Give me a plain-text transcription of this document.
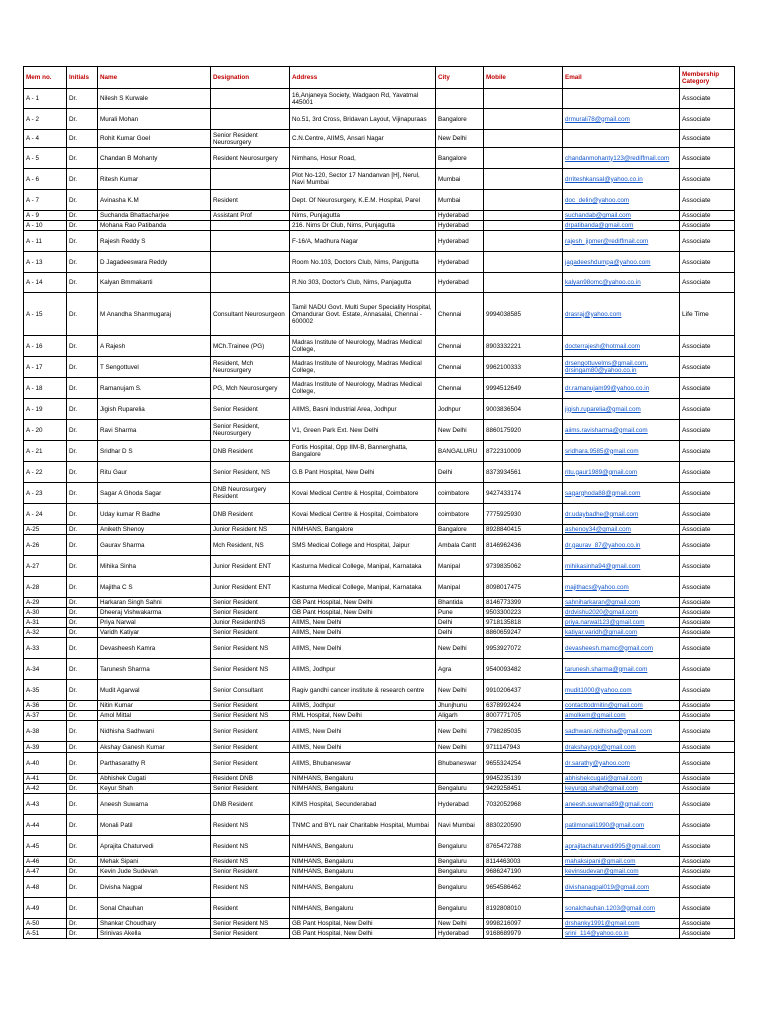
Mem no.	Initials	Name	Designation	Address	City	Mobile	Email	Membership Category
A - 1	Dr.	Nilesh S Kurwale		16,Anjaneya Society, Wadgaon Rd, Yavatmal 445001				Associate
A - 2	Dr.	Murali Mohan		No.51, 3rd Cross, Bridavan Layout, Vijinapuraas	Bangalore		drmurali78@gmail.com	Associate
A - 4	Dr.	Rohit Kumar Goel	Senior Resident Neurosurgery	C.N.Centre, AIIMS, Ansari Nagar	New Delhi			Associate
A - 5	Dr.	Chandan B Mohanty	Resident Neurosurgery	Nimhans, Hosur Road,	Bangalore		chandanmohanty123@rediffmail.com	Associate
A - 6	Dr.	Ritesh Kumar		Plot No-120, Sector 17 Nandanvan [H], Nerul, Navi Mumbai	Mumbai		drriteshkansal@yahoo.co.in	Associate
A - 7	Dr.	Avinasha K.M	Resident	Dept. Of Neurosurgery, K.E.M. Hospital, Parel	Mumbai		doc_delin@yahoo.com	Associate
A - 9	Dr.	Suchanda Bhattacharjee	Assistant Prof	Nims, Punjagutta	Hyderabad		suchandab@gmail.com	Associate
A - 10	Dr.	Mohana Rao Patibanda		216. Nims Dr Club, Nims, Punjagutta	Hyderabad		drpatibanda@gmail.com	Associate
A - 11	Dr.	Rajesh Reddy S		F-16/A, Madhura Nagar	Hyderabad		rajesh_jipmer@rediffmail.com	Associate
A - 13	Dr.	D Jagadeeswara Reddy		Room No.103, Doctors Club, Nims, Panjgutta	Hyderabad		jagadeeshdumpa@yahoo.com	Associate
A - 14	Dr.	Kalyan Bmmakanti		R.No 303, Doctor's Club, Nims, Panjagutta	Hyderabad		kalyan98omc@yahoo.co.in	Associate
A - 15	Dr.	M Anandha Shanmugaraj	Consultant Neurosurgeon	Tamil NADU Govt. Multi Super Speciality Hospital, Omandurar Govt. Estate, Annasalai, Chennai - 600002	Chennai	9994038585	drasraj@yahoo.com	Life Time
A - 16	Dr.	A Rajesh	MCh.Trainee (PG)	Madras Institute of Neurology, Madras Medical College,	Chennai	8903332221	docterrajesh@hotmail.com	Associate
A - 17	Dr.	T Sengottuvel	Resident, Mch Neurosurgery	Madras Institute of Neurology, Madras Medical College,	Chennai	9962100333	drsengottuvelms@gmail.com, drsingam80@yahoo.co.in	Associate
A - 18	Dr.	Ramanujam S.	PG, Mch Neurosurgery	Madras Institute of Neurology, Madras Medical College,	Chennai	9994512649	dr.ramanujam99@yahoo.co.in	Associate
A - 19	Dr.	Jigish Ruparelia	Senior Resident	AIIMS, Basni Industrial Area, Jodhpur	Jodhpur	9003836504	jigish.ruparelia@gmail.com	Associate
A - 20	Dr.	Ravi Sharma	Senior Resident, Neurosurgery	V1, Green Park Ext. New Delhi	New Delhi	8860175920	aiims.ravisharma@gmail.com	Associate
A - 21	Dr.	Sridhar D S	DNB Resident	Fortis Hospital, Opp IIM-B, Bannerghatta, Bangalore	BANGALURU	8722310009	sridhara.9585@gmail.com	Associate
A - 22	Dr.	Ritu Gaur	Senior Resident, NS	G.B Pant Hospital, New Delhi	Delhi	8373934561	ritu.gaur1989@gmail.com	Associate
A - 23	Dr.	Sagar A Ghoda Sagar	DNB Neurosurgery Resident	Kovai Medical Centre & Hospital, Coimbatore	coimbatore	9427433174	sagarghoda88@gmail.com	Associate
A - 24	Dr.	Uday kumar R Badhe	DNB Resident	Kovai Medical Centre & Hospital, Coimbatore	coimbatore	7775925930	dr.udaybadhe@gmail.com	Associate
A-25	Dr.	Aniketh Shenoy	Junior Resident NS	NIMHANS, Bangalore	Bangalore	8928840415	ashenoy34@gmail.com	Associate
A-26	Dr.	Gaurav Sharma	Mch Resident, NS	SMS Medical College and Hospital, Jaipur	Ambala Cantt	8146962436	dr.gaurav_87@yahoo.co.in	Associate
A-27	Dr.	Mihika Sinha	Junior Resident ENT	Kasturna Medical College, Manipal, Karnataka	Manipal	9739835062	mihikasinha94@gmail.com	Associate
A-28	Dr.	Majitha C S	Junior Resident ENT	Kasturna Medical College, Manipal, Karnataka	Manipal	8098017475	majithacs@yahoo.com	Associate
A-29	Dr.	Harkaran Singh Sahni	Senior Resident	GB Pant Hospital, New Delhi	Bhantida	8146773399	sahniharkaran@gmail.com	Associate
A-30	Dr.	Dheeraj Vishwakarma	Senior Resident	GB Pant Hospital, New Delhi	Pune	9503300223	drdvishu2020@gmail.com	Associate
A-31	Dr.	Priya Narwal	Junior ResidentNS	AIIMS, New Delhi	Delhi	9718135818	priya.narwal123@gmail.com	Associate
A-32	Dr.	Varidh Katiyar	Senior Resident	AIIMS, New Delhi	Delhi	8860659247	katiyar.varidh@gmail.com	Associate
A-33	Dr.	Devasheesh Kamra	Senior Resident NS	AIIMS, New Delhi	New Delhi	9953927072	devasheesh.mamc@gmail.com	Associate
A-34	Dr.	Tarunesh Sharma	Senior Resident NS	AIIMS, Jodhpur	Agra	9540093482	tarunesh.sharma@gmail.com	Associate
A-35	Dr.	Mudit Agarwal	Senior Consultant	Ragiv gandhi cancer institute & research centre	New Delhi	9910206437	mudit1000@yahoo.com	Associate
A-36	Dr.	Nitin Kumar	Senior Resident	AIIMS, Jodhpur	Jhunjhunu	6378992424	contacttodrnitin@gmail.com	Associate
A-37	Dr.	Amol Mittal	Senior Resident NS	RML Hospital, New Delhi	Aligarh	8007771705	amolkem@gmail.com	Associate
A-38	Dr.	Nidhisha Sadhwani	Senior Resident	AIIMS, New Delhi	New Delhi	7798285035	sadhwani.nidhisha@gmail.com	Associate
A-39	Dr.	Akshay Ganesh Kumar	Senior Resident	AIIMS, New Delhi	New Delhi	9711147943	drakshaypgk@gmail.com	Associate
A-40	Dr.	Parthasarathy R	Senior Resident	AIIMS, Bhubaneswar	Bhubaneswar	9655324254	dr.sarathy@yahoo.com	Associate
A-41	Dr.	Abhishek Cugati	Resident DNB	NIMHANS, Bengaluru		9945235139	abhishekcugati@gmail.com	Associate
A-42	Dr.	Keyur Shah	Senior Resident	NIMHANS, Bengaluru	Bengaluru	9429258451	keyurgg.shah@gmail.com	Associate
A-43	Dr.	Aneesh Suwarna	DNB Resident	KIMS Hospital, Secunderabad	Hyderabad	7032052968	aneesh.suwarna89@gmail.com	Associate
A-44	Dr.	Monali Patil	Resident NS	TNMC and BYL nair Charitable Hospital, Mumbai	Navi Mumbai	8830220590	patilmonali1990@gmail.com	Associate
A-45	Dr.	Aprajita Chaturvedi	Resident NS	NIMHANS, Bengaluru	Bengaluru	8765472788	aprajitachaturvedi995@gmail.com	Associate
A-46	Dr.	Mehak Sipani	Resident NS	NIMHANS, Bengaluru	Bengaluru	8114463003	mahaksipani@gmail.com	Associate
A-47	Dr.	Kevin Jude Sudevan	Senior Resident	NIMHANS, Bengaluru	Bengaluru	9686247190	kevinsudevan@gmail.com	Associate
A-48	Dr.	Divisha Nagpal	Resident NS	NIMHANS, Bengaluru	Bengaluru	9654586462	divishanagpal019@gmail.com	Associate
A-49	Dr.	Sonal Chauhan	Resident	NIMHANS, Bengaluru	Bengaluru	8192808010	sonalchauhan.1203@gmail.com	Associate
A-50	Dr.	Shankar Choudhary	Senior Resident NS	GB Pant Hospital, New Delhi	New Delhi	9998216097	drshanky1991@gmail.com	Associate
A-51	Dr.	Srinivas Akella	Senior Resident	GB Pant Hospital, New Delhi	Hyderabad	9168689979	srini_114@yahoo.co.in	Associate
